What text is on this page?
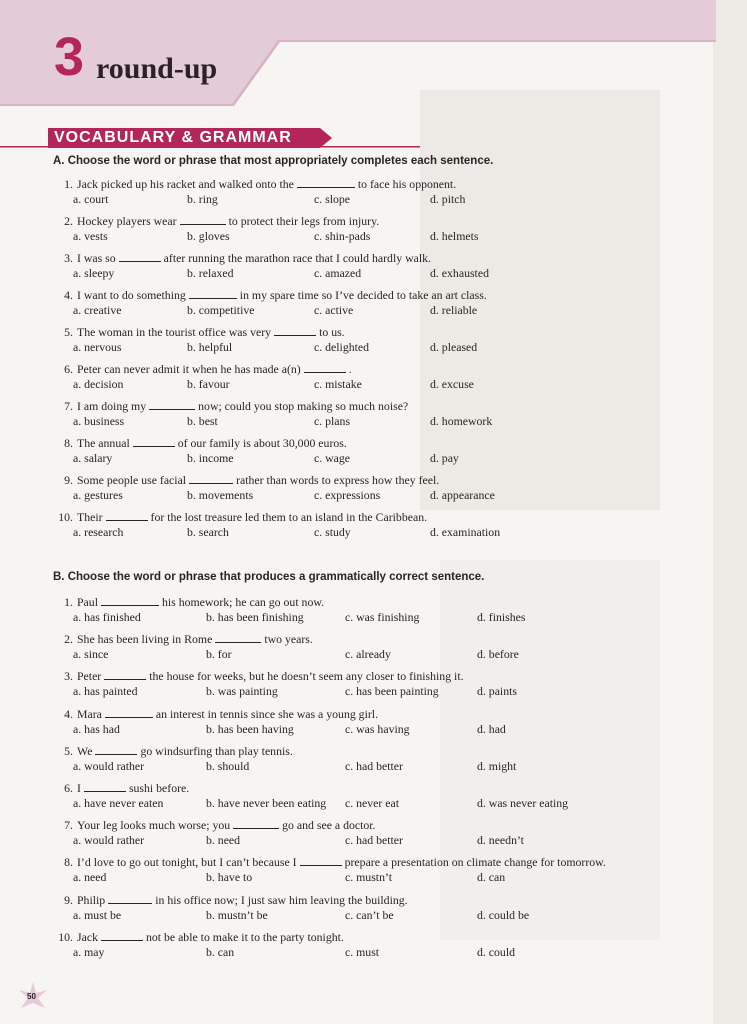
3 round-up
VOCABULARY & GRAMMAR
A. Choose the word or phrase that most appropriately completes each sentence.
1. Jack picked up his racket and walked onto the	to face his opponent.
a. court	b. ring	c. slope	d. pitch
2. Hockey players wear	to protect their legs from injury.
a. vests	b. gloves	c. shin-pads	d. helmets
3. I was so	after running the marathon race that I could hardly walk.
a. sleepy	b. relaxed	c. amazed	d. exhausted
4. I want to do something	in my spare time so I’ve decided to take an art class.
a. creative	b. competitive	c. active	d. reliable
5. The woman in the tourist office was very	to us.
a. nervous	b. helpful	c. delighted	d. pleased
6. Peter can never admit it when he has made a(n)	.
a. decision	b. favour	c. mistake	d. excuse
7. I am doing my	now; could you stop making so much noise?
a. business	b. best	c. plans	d. homework
8. The annual	of our family is about 30,000 euros.
a. salary	b. income	c. wage	d. pay
9. Some people use facial	rather than words to express how they feel.
a. gestures	b. movements	c. expressions	d. appearance
10. Their	for the lost treasure led them to an island in the Caribbean.
a. research	b. search	c. study	d. examination
B. Choose the word or phrase that produces a grammatically correct sentence.
1. Paul	his homework; he can go out now.
a. has finished	b. has been finishing	c. was finishing	d. finishes
2. She has been living in Rome	two years.
a. since	b. for	c. already	d. before
3. Peter	the house for weeks, but he doesn’t seem any closer to finishing it.
a. has painted	b. was painting	c. has been painting	d. paints
4. Mara	an interest in tennis since she was a young girl.
a. has had	b. has been having	c. was having	d. had
5. We	go windsurfing than play tennis.
a. would rather	b. should	c. had better	d. might
6. I	sushi before.
a. have never eaten	b. have never been eating c. never eat	d. was never eating
7. Your leg looks much worse; you	go and see a doctor.
a. would rather	b. need	c. had better	d. needn’t
8. I’d love to go out tonight, but I can’t because I	prepare a presentation on climate change for tomorrow.
a. need	b. have to	c. mustn’t	d. can
9. Philip	in his office now; I just saw him leaving the building.
a. must be	b. mustn’t be	c. can’t be	d. could be
10. Jack	not be able to make it to the party tonight.
a. may	b. can	c. must	d. could
50
